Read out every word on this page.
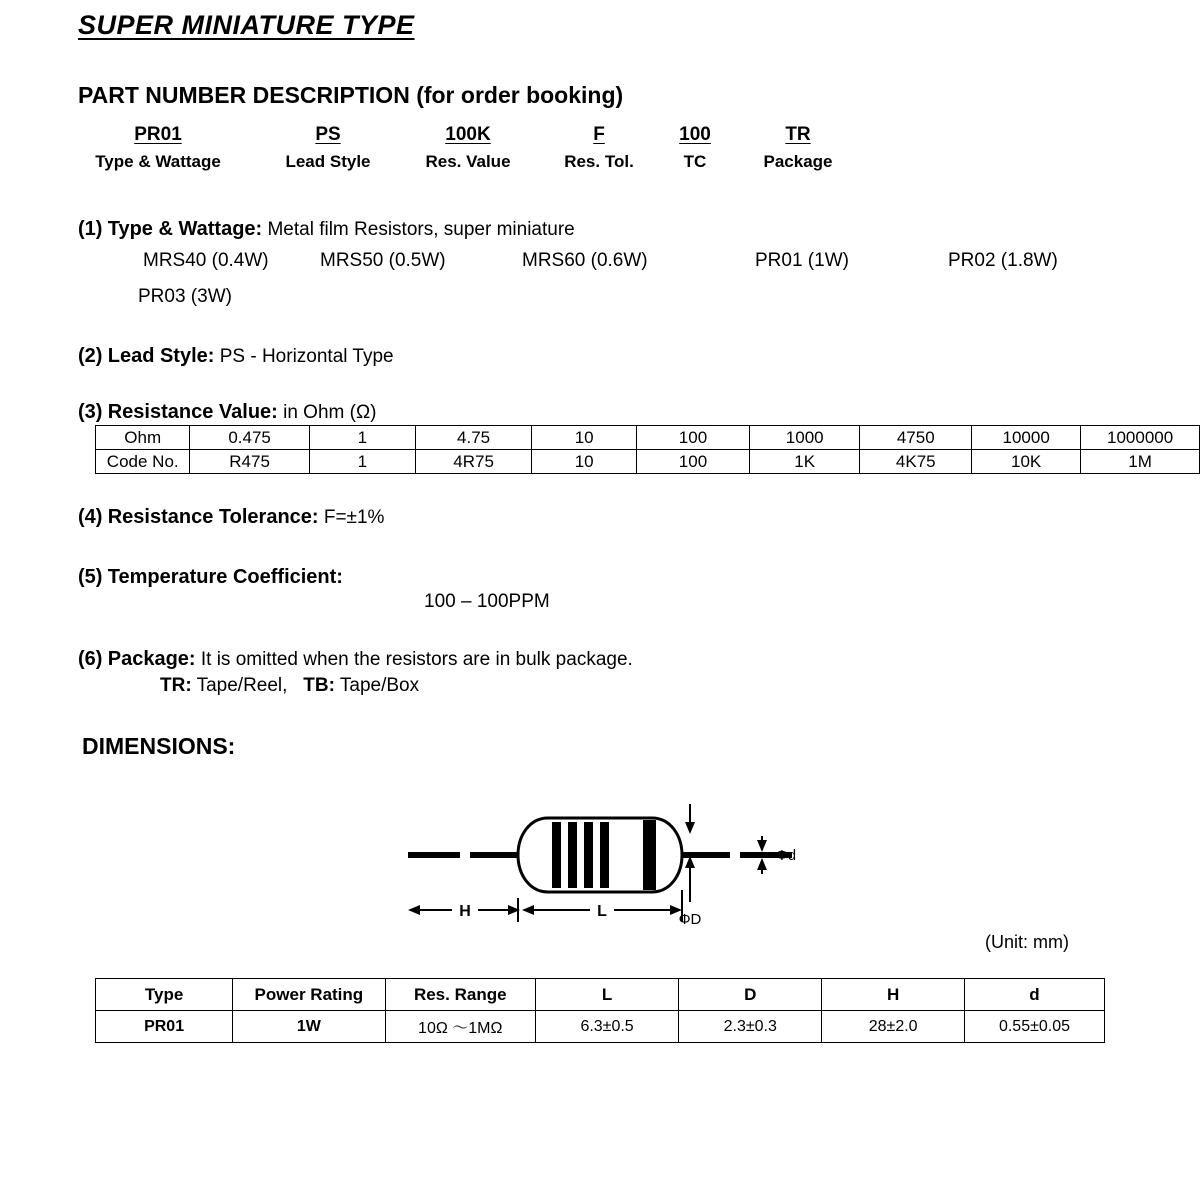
SUPER MINIATURE TYPE
PART NUMBER DESCRIPTION (for order booking)
PR01
Type & Wattage
PS
Lead Style
100K
Res. Value
F
Res. Tol.
100
TC
TR
Package
(1) Type & Wattage: Metal film Resistors, super miniature
MRS40 (0.4W)	MRS50 (0.5W)	MRS60 (0.6W)	PR01 (1W)	PR02 (1.8W)
PR03 (3W)
(2) Lead Style: PS - Horizontal Type
(3) Resistance Value: in Ohm (Ω)
Ohm	0.475	1	4.75	10	100	1000	4750	10000	1000000
Code No.	R475	1	4R75	10	100	1K	4K75	10K	1M
(4) Resistance Tolerance: F=±1%
(5) Temperature Coefficient:
100 – 100PPM
(6) Package: It is omitted when the resistors are in bulk package.
TR: Tape/Reel, TB: Tape/Box
DIMENSIONS:
H	L	ΦD
Φd
(Unit: mm)
Type	Power Rating	Res. Range	L	D	H	d
PR01	1W	10Ω ～1MΩ	6.3±0.5	2.3±0.3	28±2.0	0.55±0.05
